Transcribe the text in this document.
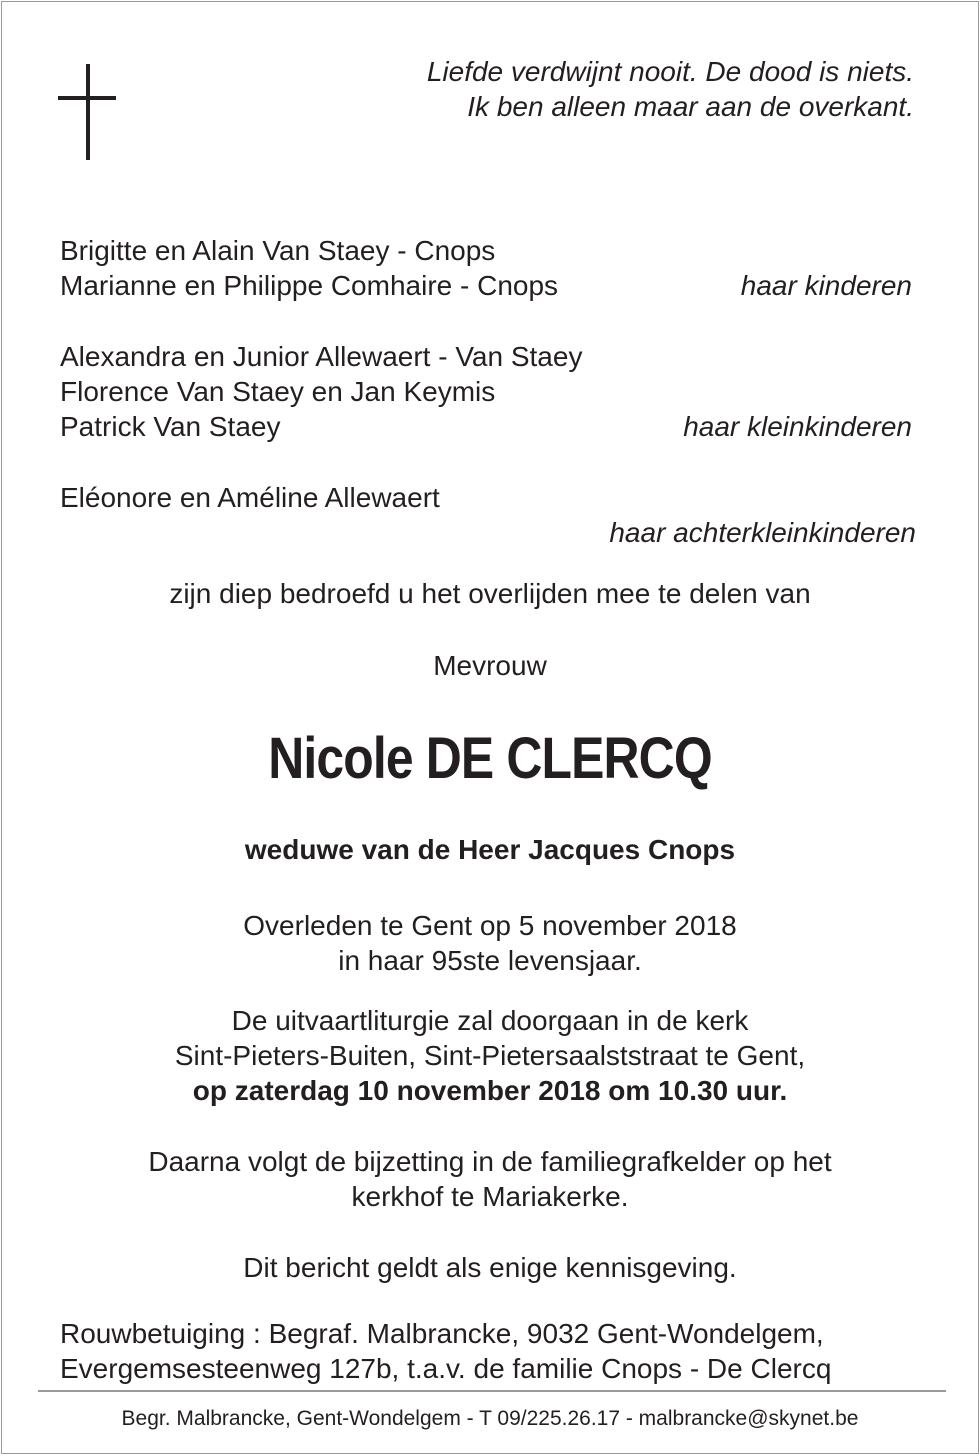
Liefde verdwijnt nooit. De dood is niets.
Ik ben alleen maar aan de overkant.
Brigitte en Alain Van Staey - Cnops
Marianne en Philippe Comhaire - Cnops	haar kinderen
Alexandra en Junior Allewaert - Van Staey
Florence Van Staey en Jan Keymis
Patrick Van Staey	haar kleinkinderen
Eléonore en Améline Allewaert
haar achterkleinkinderen
zijn diep bedroefd u het overlijden mee te delen van
Mevrouw
Nicole DE CLERCQ
weduwe van de Heer Jacques Cnops
Overleden te Gent op 5 november 2018
in haar 95ste levensjaar.
De uitvaartliturgie zal doorgaan in de kerk
Sint-Pieters-Buiten, Sint-Pietersaalststraat te Gent,
op zaterdag 10 november 2018 om 10.30 uur.
Daarna volgt de bijzetting in de familiegrafkelder op het
kerkhof te Mariakerke.
Dit bericht geldt als enige kennisgeving.
Rouwbetuiging : Begraf. Malbrancke, 9032 Gent-Wondelgem,
Evergemsesteenweg 127b, t.a.v. de familie Cnops - De Clercq
Begr. Malbrancke, Gent-Wondelgem - T 09/225.26.17 - malbrancke@skynet.be
